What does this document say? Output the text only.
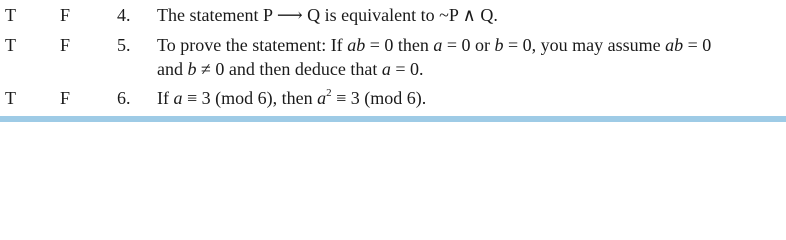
T F	4. The statement P ⟶ Q is equivalent to ~P ∧ Q.
T F	5. To prove the statement: If ab = 0 then a = 0 or b = 0, you may assume ab = 0
and b ≠ 0 and then deduce that a = 0.
T F	6. If a ≡ 3 (mod 6), then $a^2 \equiv 3$ (mod 6).
